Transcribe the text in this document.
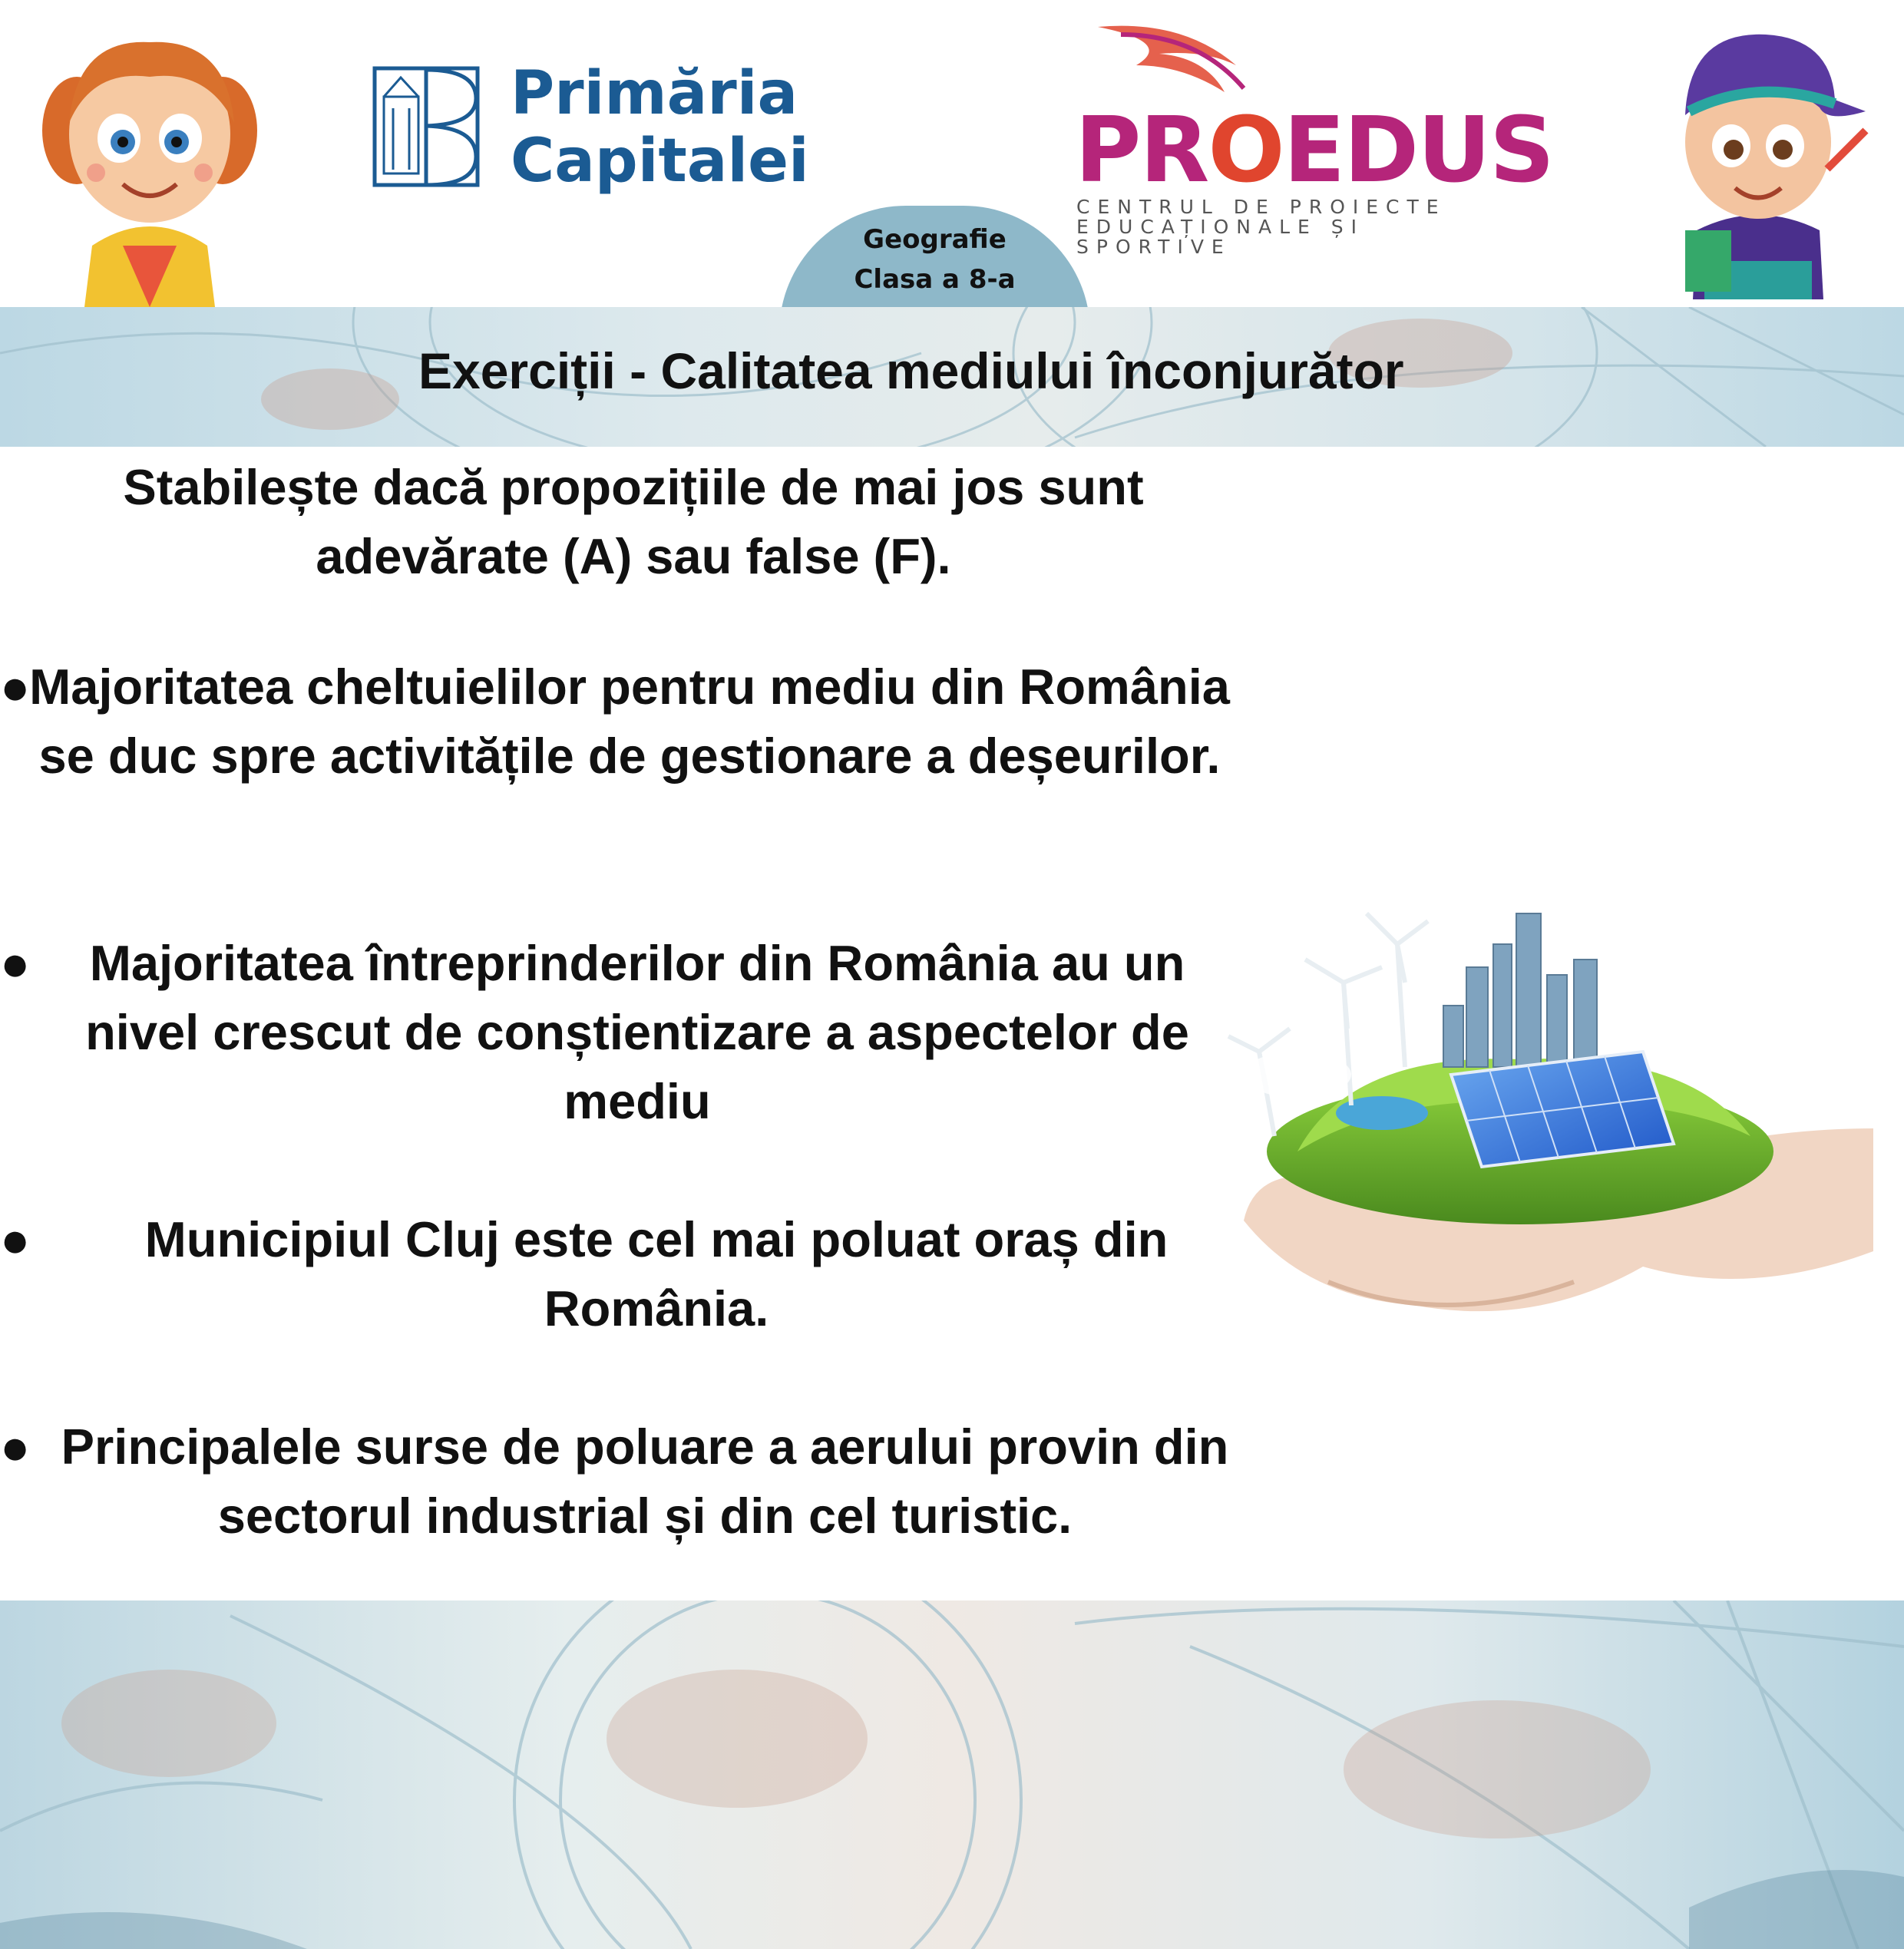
Primăria
Capitalei	PROEDUS
CENTRUL DE PROIECTE
EDUCAȚIONALE ȘI SPORTIVE
Geografie
Clasa a 8-a
Exerciții - Calitatea mediului înconjurător
Stabilește dacă propozițiile de mai jos sunt adevărate (A) sau false (F).
●
Majoritatea cheltuielilor pentru mediu din România se duc spre activitățile de gestionare a deșeurilor.
●	Majoritatea întreprinderilor din România au un nivel crescut de conștientizare a aspectelor de mediu
●	Municipiul Cluj este cel mai poluat oraș din România.
● Principalele surse de poluare a aerului provin din sectorul industrial și din cel turistic.
